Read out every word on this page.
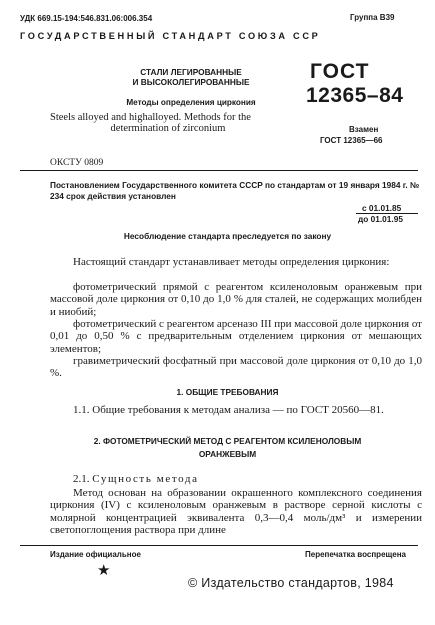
УДК 669.15-194:546.831.06:006.354	Группа В39

ГОСУДАРСТВЕННЫЙ СТАНДАРТ СОЮЗА ССР

СТАЛИ ЛЕГИРОВАННЫЕ
И ВЫСОКОЛЕГИРОВАННЫЕ

Методы определения циркония

Steels alloyed and highalloyed. Methods for the
determination of zirconium

ГОСТ

12365–84

Взамен

ГОСТ 12365—66

ОКСТУ 0809

Постановлением Государственного комитета СССР по стандартам от 19 января 1984 г. № 234 срок действия установлен

с 01.01.85

до 01.01.95

Несоблюдение стандарта преследуется по закону

Настоящий стандарт устанавливает методы определения циркония:

фотометрический прямой с реагентом ксиленоловым оранжевым при массовой доле циркония от 0,10 до 1,0 % для сталей, не содержащих молибден и ниобий;

фотометрический с реагентом арсеназо III при массовой доле циркония от 0,01 до 0,50 % с предварительным отделением циркония от мешающих элементов;

гравиметрический фосфатный при массовой доле циркония от 0,10 до 1,0 %.

1. ОБЩИЕ ТРЕБОВАНИЯ

1.1. Общие требования к методам анализа — по ГОСТ 20560—81.

2. ФОТОМЕТРИЧЕСКИЙ МЕТОД С РЕАГЕНТОМ КСИЛЕНОЛОВЫМ
ОРАНЖЕВЫМ

2.1. Сущность метода

Метод основан на образовании окрашенного комплексного соединения циркония (IV) с ксиленоловым оранжевым в растворе серной кислоты с молярной концентрацией эквивалента 0,3—0,4 моль/дм³ и измерении светопоглощения раствора при длине

Издание официальное	Перепечатка воспрещена

★

© Издательство стандартов, 1984
